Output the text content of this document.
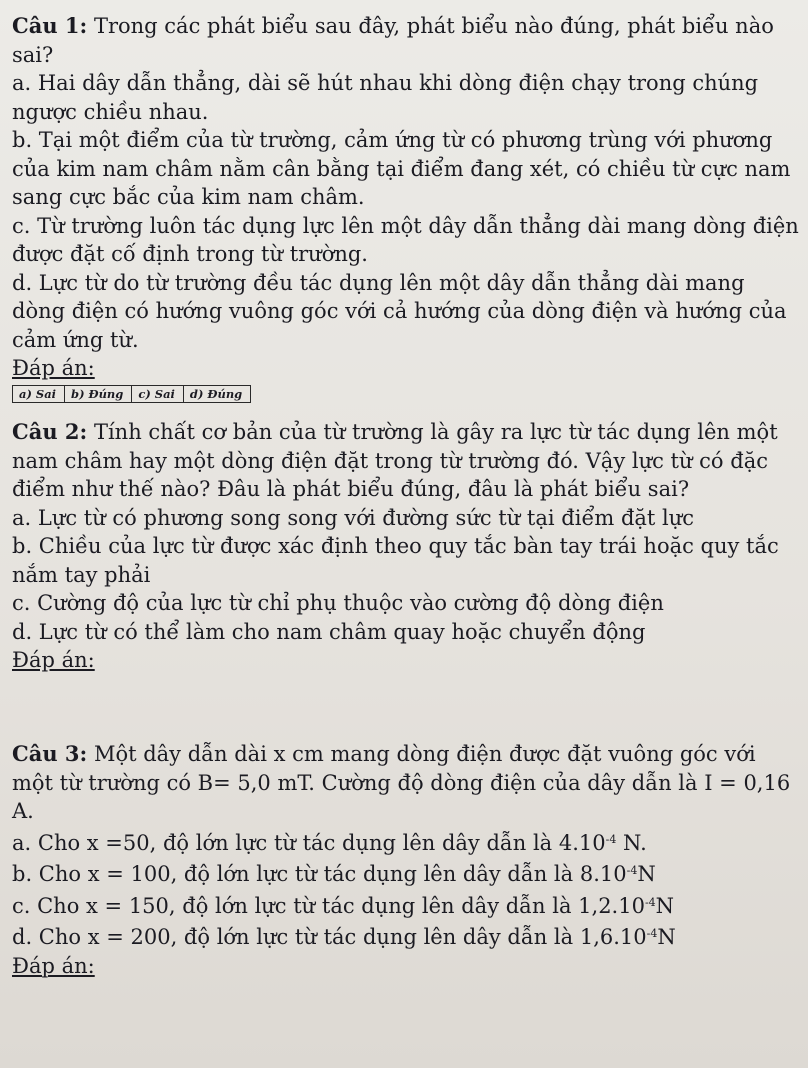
Câu 1: Trong các phát biểu sau đây, phát biểu nào đúng, phát biểu nào sai?

a. Hai dây dẫn thẳng, dài sẽ hút nhau khi dòng điện chạy trong chúng ngược chiều nhau.

b. Tại một điểm của từ trường, cảm ứng từ có phương trùng với phương của kim nam châm nằm cân bằng tại điểm đang xét, có chiều từ cực nam sang cực bắc của kim nam châm.

c. Từ trường luôn tác dụng lực lên một dây dẫn thẳng dài mang dòng điện được đặt cố định trong từ trường.

d. Lực từ do từ trường đều tác dụng lên một dây dẫn thẳng dài mang dòng điện có hướng vuông góc với cả hướng của dòng điện và hướng của cảm ứng từ.

Đáp án:

a) Sai	b) Đúng	c) Sai	d) Đúng

Câu 2: Tính chất cơ bản của từ trường là gây ra lực từ tác dụng lên một nam châm hay một dòng điện đặt trong từ trường đó. Vậy lực từ có đặc điểm như thế nào? Đâu là phát biểu đúng, đâu là phát biểu sai?

a. Lực từ có phương song song với đường sức từ tại điểm đặt lực

b. Chiều của lực từ được xác định theo quy tắc bàn tay trái hoặc quy tắc nắm tay phải

c. Cường độ của lực từ chỉ phụ thuộc vào cường độ dòng điện

d. Lực từ có thể làm cho nam châm quay hoặc chuyển động

Đáp án:

Câu 3: Một dây dẫn dài x cm mang dòng điện được đặt vuông góc với một từ trường có B= 5,0 mT. Cường độ dòng điện của dây dẫn là I = 0,16 A.

a. Cho x =50, độ lớn lực từ tác dụng lên dây dẫn là $4.10^{-4}$ N.

b. Cho x = 100, độ lớn lực từ tác dụng lên dây dẫn là $8.10^{-4}N$

c. Cho x = 150, độ lớn lực từ tác dụng lên dây dẫn là $1,2.10^{-4}N$

d. Cho x = 200, độ lớn lực từ tác dụng lên dây dẫn là $1,6.10^{-4}N$

Đáp án:
